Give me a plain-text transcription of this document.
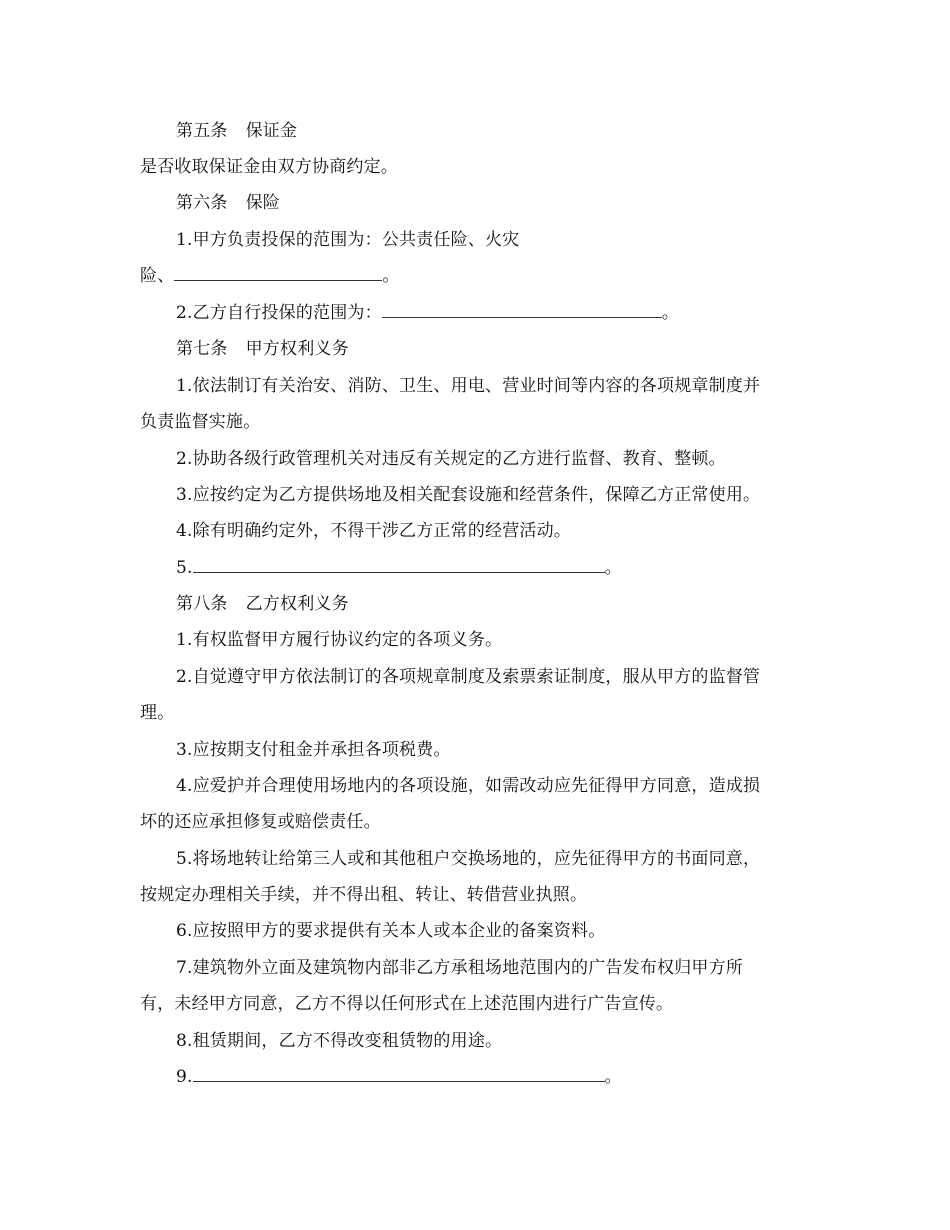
第五条 保证金
是否收取保证金由双方协商约定。
第六条 保险
1.甲方负责投保的范围为：公共责任险、火灾
险、	。
2.乙方自行投保的范围为：	。
第七条 甲方权利义务
1.依法制订有关治安、消防、卫生、用电、营业时间等内容的各项规章制度并
负责监督实施。
2.协助各级行政管理机关对违反有关规定的乙方进行监督、教育、整顿。
3.应按约定为乙方提供场地及相关配套设施和经营条件，保障乙方正常使用。
4.除有明确约定外，不得干涉乙方正常的经营活动。
5.	。
第八条 乙方权利义务
1.有权监督甲方履行协议约定的各项义务。
2.自觉遵守甲方依法制订的各项规章制度及索票索证制度，服从甲方的监督管
理。
3.应按期支付租金并承担各项税费。
4.应爱护并合理使用场地内的各项设施，如需改动应先征得甲方同意，造成损
坏的还应承担修复或赔偿责任。
5.将场地转让给第三人或和其他租户交换场地的，应先征得甲方的书面同意，
按规定办理相关手续，并不得出租、转让、转借营业执照。
6.应按照甲方的要求提供有关本人或本企业的备案资料。
7.建筑物外立面及建筑物内部非乙方承租场地范围内的广告发布权归甲方所
有，未经甲方同意，乙方不得以任何形式在上述范围内进行广告宣传。
8.租赁期间，乙方不得改变租赁物的用途。
9.	。
